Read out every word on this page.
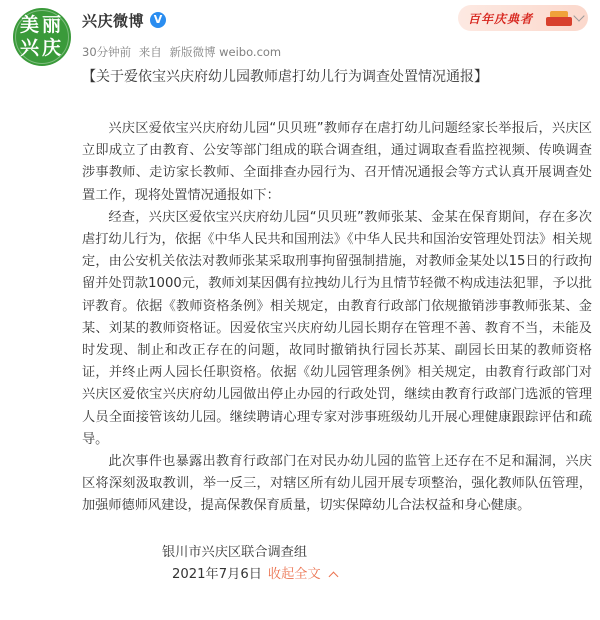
美 丽
兴 庆
兴庆微博 V
30分钟前 来自 新版微博 weibo.com
百年庆典者
【关于爱依宝兴庆府幼儿园教师虐打幼儿行为调查处置情况通报】

兴庆区爱依宝兴庆府幼儿园“贝贝班”教师存在虐打幼儿问题经家长举报后，兴庆区立即成立了由教育、公安等部门组成的联合调查组，通过调取查看监控视频、传唤调查涉事教师、走访家长教师、全面排查办园行为、召开情况通报会等方式认真开展调查处置工作，现将处置情况通报如下：

经查，兴庆区爱依宝兴庆府幼儿园“贝贝班”教师张某、金某在保育期间，存在多次虐打幼儿行为，依据《中华人民共和国刑法》《中华人民共和国治安管理处罚法》相关规定，由公安机关依法对教师张某采取刑事拘留强制措施，对教师金某处以15日的行政拘留并处罚款1000元，教师刘某因偶有拉拽幼儿行为且情节轻微不构成违法犯罪，予以批评教育。依据《教师资格条例》相关规定，由教育行政部门依规撤销涉事教师张某、金某、刘某的教师资格证。因爱依宝兴庆府幼儿园长期存在管理不善、教育不当，未能及时发现、制止和改正存在的问题，故同时撤销执行园长苏某、副园长田某的教师资格证，并终止两人园长任职资格。依据《幼儿园管理条例》相关规定，由教育行政部门对兴庆区爱依宝兴庆府幼儿园做出停止办园的行政处罚，继续由教育行政部门选派的管理人员全面接管该幼儿园。继续聘请心理专家对涉事班级幼儿开展心理健康跟踪评估和疏导。

此次事件也暴露出教育行政部门在对民办幼儿园的监管上还存在不足和漏洞，兴庆区将深刻汲取教训，举一反三，对辖区所有幼儿园开展专项整治，强化教师队伍管理，加强师德师风建设，提高保教保育质量，切实保障幼儿合法权益和身心健康。

银川市兴庆区联合调查组
2021年7月6日 收起全文
